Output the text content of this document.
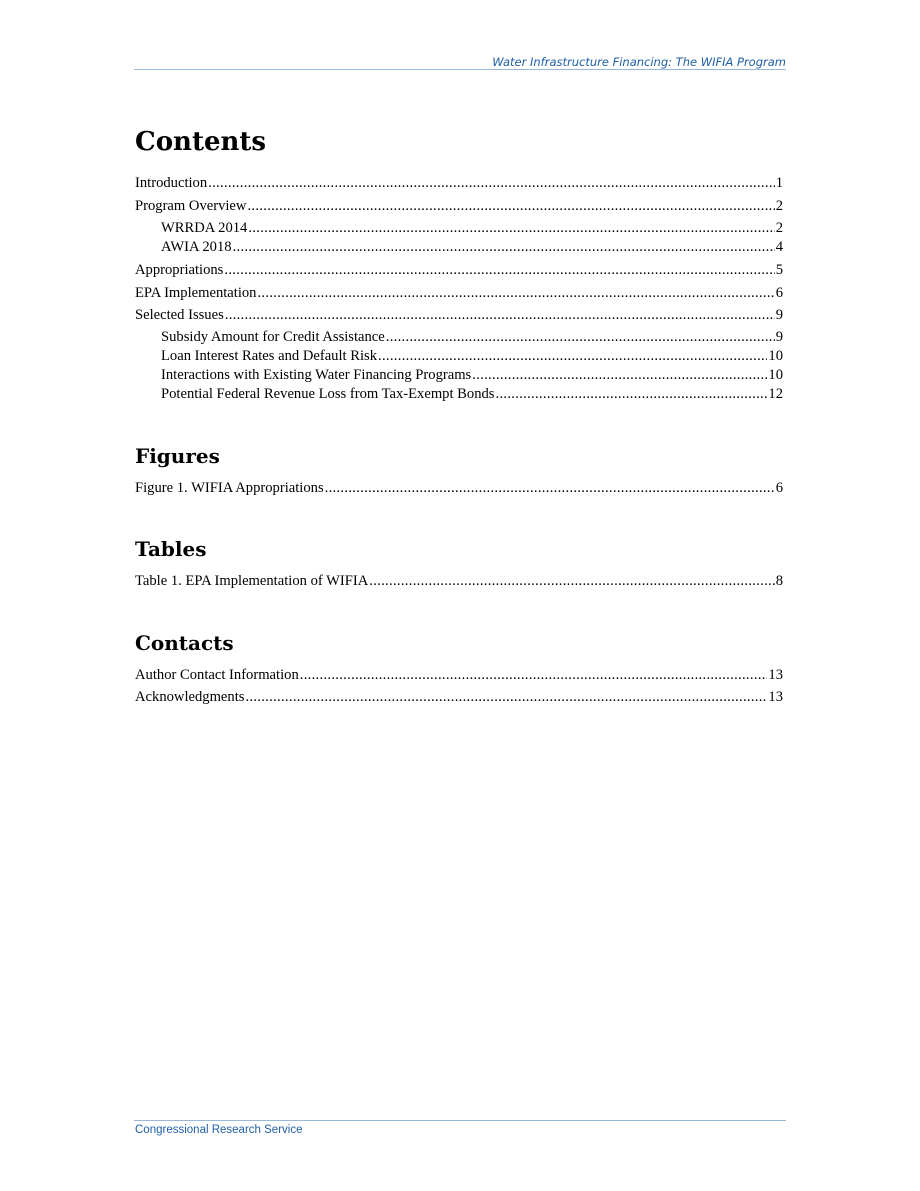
Water Infrastructure Financing: The WIFIA Program
Contents
Introduction .....	1
Program Overview .....	2
WRRDA 2014 .....	2
AWIA 2018 .....	4
Appropriations .....	5
EPA Implementation .....	6
Selected Issues .....	9
Subsidy Amount for Credit Assistance .....	9
Loan Interest Rates and Default Risk .....	10
Interactions with Existing Water Financing Programs .....	10
Potential Federal Revenue Loss from Tax-Exempt Bonds .....	12
Figures
Figure 1. WIFIA Appropriations .....	6
Tables
Table 1. EPA Implementation of WIFIA .....	8
Contacts
Author Contact Information .....	13
Acknowledgments .....	13
Congressional Research Service
